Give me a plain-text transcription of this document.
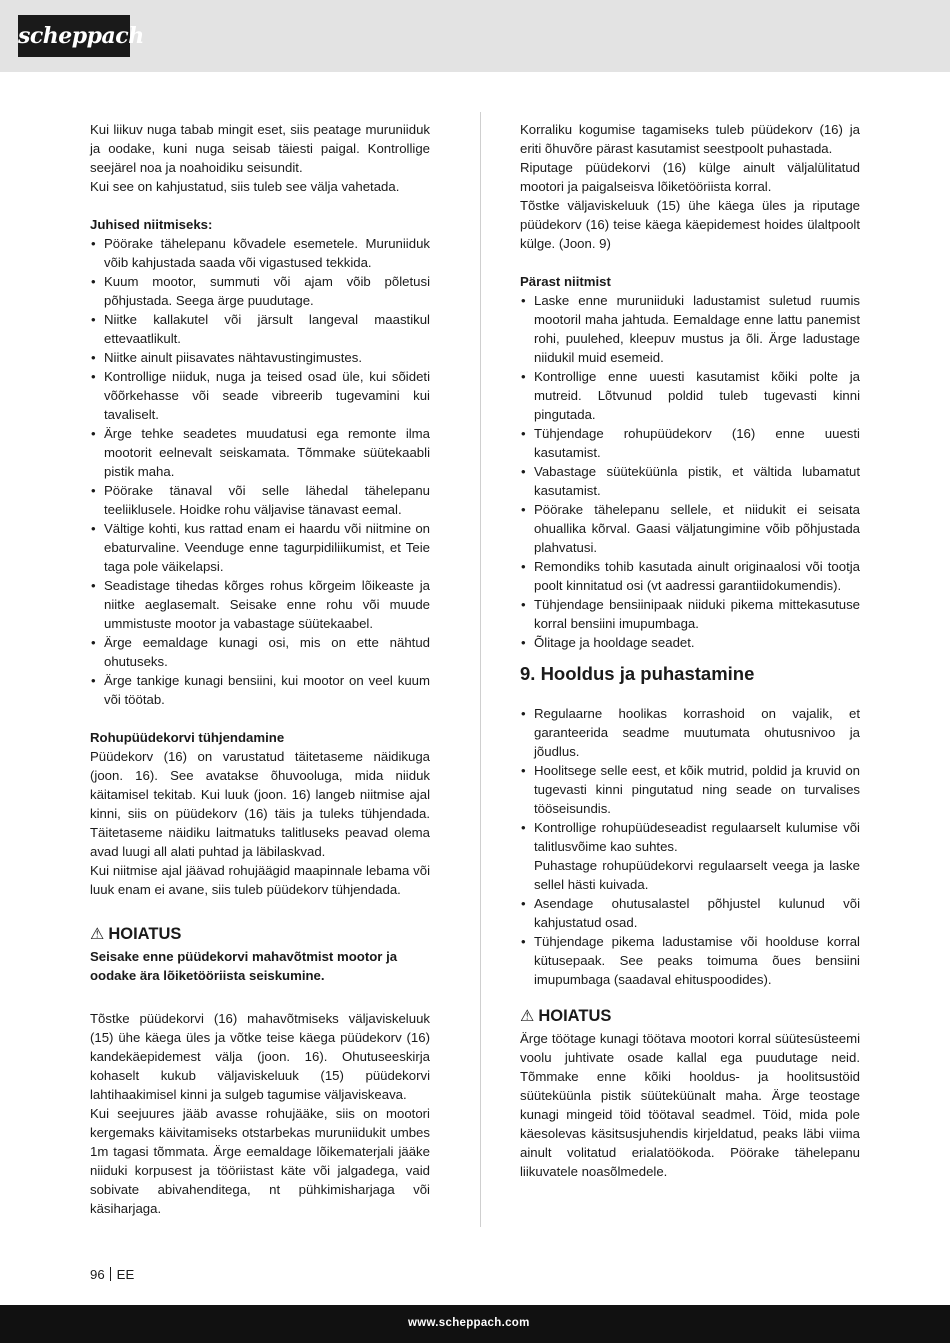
scheppach

Kui liikuv nuga tabab mingit eset, siis peatage muruniiduk ja oodake, kuni nuga seisab täiesti paigal. Kontrollige seejärel noa ja noahoidiku seisundit.

Kui see on kahjustatud, siis tuleb see välja vahetada.

Juhised niitmiseks:

• Pöörake tähelepanu kõvadele esemetele. Muruniiduk võib kahjustada saada või vigastused tekkida.
• Kuum mootor, summuti või ajam võib põletusi põhjustada. Seega ärge puudutage.
• Niitke kallakutel või järsult langeval maastikul ettevaatlikult.
• Niitke ainult piisavates nähtavustingimustes.
• Kontrollige niiduk, nuga ja teised osad üle, kui sõideti võõrkehasse või seade vibreerib tugevamini kui tavaliselt.
• Ärge tehke seadetes muudatusi ega remonte ilma mootorit eelnevalt seiskamata. Tõmmake süütekaabli pistik maha.
• Pöörake tänaval või selle lähedal tähelepanu teeliiklusele. Hoidke rohu väljavise tänavast eemal.
• Vältige kohti, kus rattad enam ei haardu või niitmine on ebaturvaline. Veenduge enne tagurpidiliikumist, et Teie taga pole väikelapsi.
• Seadistage tihedas kõrges rohus kõrgeim lõikeaste ja niitke aeglasemalt. Seisake enne rohu või muude ummistuste mootor ja vabastage süütekaabel.
• Ärge eemaldage kunagi osi, mis on ette nähtud ohutuseks.
• Ärge tankige kunagi bensiini, kui mootor on veel kuum või töötab.

Rohupüüdekorvi tühjendamine

Püüdekorv (16) on varustatud täitetaseme näidikuga (joon. 16). See avatakse õhuvooluga, mida niiduk käitamisel tekitab. Kui luuk (joon. 16) langeb niitmise ajal kinni, siis on püüdekorv (16) täis ja tuleks tühjendada. Täitetaseme näidiku laitmatuks talitluseks peavad olema avad luugi all alati puhtad ja läbilaskvad.

Kui niitmise ajal jäävad rohujäägid maapinnale lebama või luuk enam ei avane, siis tuleb püüdekorv tühjendada.

⚠ HOIATUS

Seisake enne püüdekorvi mahavõtmist mootor ja oodake ära lõiketööriista seiskumine.

Tõstke püüdekorvi (16) mahavõtmiseks väljaviskeluuk (15) ühe käega üles ja võtke teise käega püüdekorv (16) kandekäepidemest välja (joon. 16). Ohutuseeskirja kohaselt kukub väljaviskeluuk (15) püüdekorvi lahtihaakimisel kinni ja sulgeb tagumise väljaviskeava.

Kui seejuures jääb avasse rohujääke, siis on mootori kergemaks käivitamiseks otstarbekas muruniidukit umbes 1m tagasi tõmmata. Ärge eemaldage lõikematerjali jääke niiduki korpusest ja tööriistast käte või jalgadega, vaid sobivate abivahenditega, nt pühkimisharjaga või käsiharjaga.

Korraliku kogumise tagamiseks tuleb püüdekorv (16) ja eriti õhuvõre pärast kasutamist seestpoolt puhastada.

Riputage püüdekorvi (16) külge ainult väljalülitatud mootori ja paigalseisva lõiketööriista korral.

Tõstke väljaviskeluuk (15) ühe käega üles ja riputage püüdekorv (16) teise käega käepidemest hoides ülaltpoolt külge. (Joon. 9)

Pärast niitmist

• Laske enne muruniiduki ladustamist suletud ruumis mootoril maha jahtuda. Eemaldage enne lattu panemist rohi, puulehed, kleepuv mustus ja õli. Ärge ladustage niidukil muid esemeid.
• Kontrollige enne uuesti kasutamist kõiki polte ja mutreid. Lõtvunud poldid tuleb tugevasti kinni pingutada.
• Tühjendage rohupüüdekorv (16) enne uuesti kasutamist.
• Vabastage süüteküünla pistik, et vältida lubamatut kasutamist.
• Pöörake tähelepanu sellele, et niidukit ei seisata ohuallika kõrval. Gaasi väljatungimine võib põhjustada plahvatusi.
• Remondiks tohib kasutada ainult originaalosi või tootja poolt kinnitatud osi (vt aadressi garantiidokumendis).
• Tühjendage bensiinipaak niiduki pikema mittekasutuse korral bensiini imupumbaga.
• Õlitage ja hooldage seadet.

9. Hooldus ja puhastamine

• Regulaarne hoolikas korrashoid on vajalik, et garanteerida seadme muutumata ohutusnivoo ja jõudlus.
• Hoolitsege selle eest, et kõik mutrid, poldid ja kruvid on tugevasti kinni pingutatud ning seade on turvalises tööseisundis.
• Kontrollige rohupüüdeseadist regulaarselt kulumise või talitlusvõime kao suhtes.
Puhastage rohupüüdekorvi regulaarselt veega ja laske sellel hästi kuivada.
• Asendage ohutusalastel põhjustel kulunud või kahjustatud osad.
• Tühjendage pikema ladustamise või hoolduse korral kütusepaak. See peaks toimuma õues bensiini imupumbaga (saadaval ehituspoodides).

⚠ HOIATUS

Ärge töötage kunagi töötava mootori korral süütesüsteemi voolu juhtivate osade kallal ega puudutage neid. Tõmmake enne kõiki hooldus- ja hoolitsustöid süüteküünla pistik süüteküünalt maha. Ärge teostage kunagi mingeid töid töötaval seadmel. Töid, mida pole käesolevas käsitsusjuhendis kirjeldatud, peaks läbi viima ainult volitatud erialatöökoda. Pöörake tähelepanu liikuvatele noasõlmedele.

96 EE
www.scheppach.com
